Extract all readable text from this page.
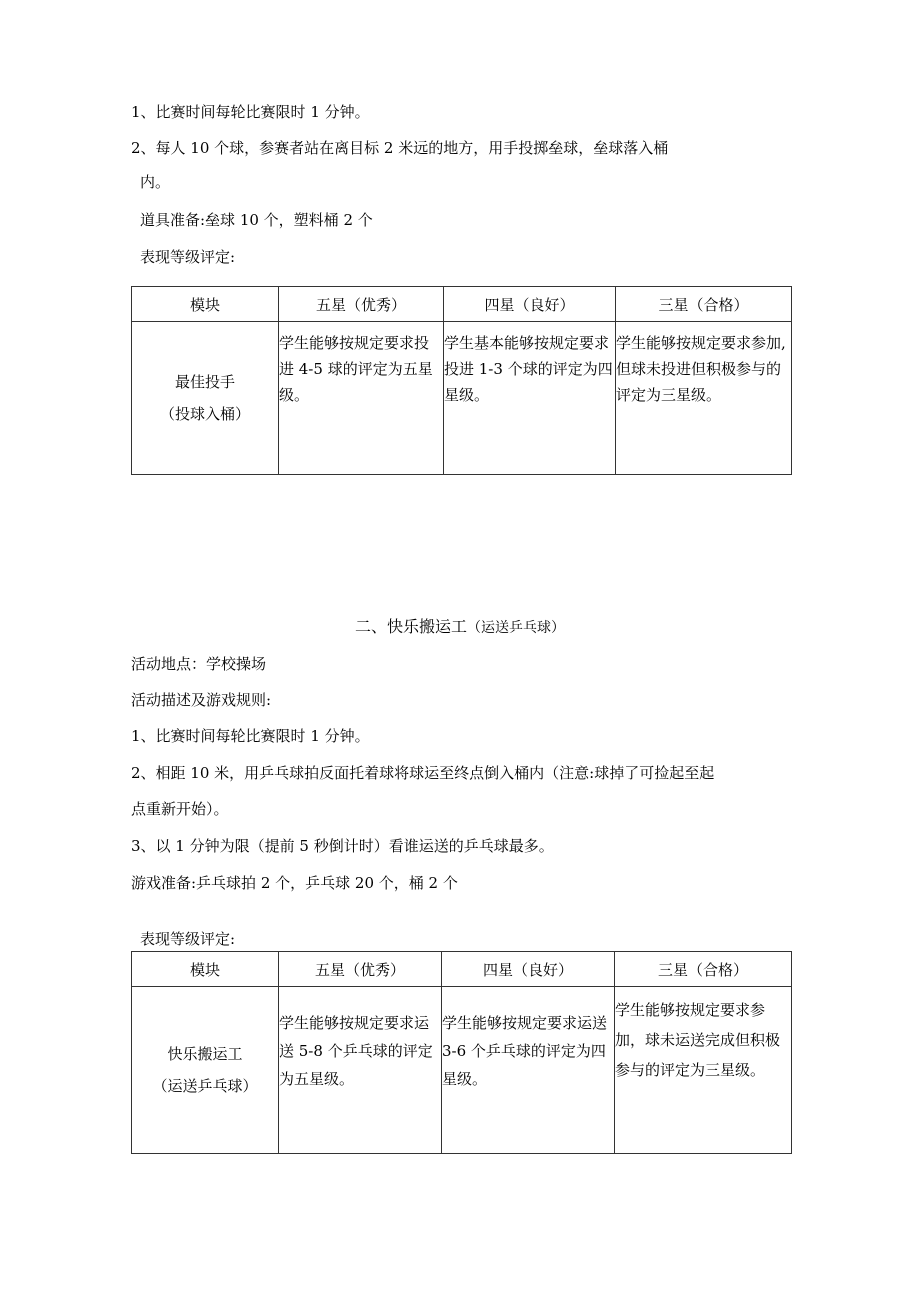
1、比赛时间每轮比赛限时 1 分钟。
2、每人 10 个球，参赛者站在离目标 2 米远的地方，用手投掷垒球，垒球落入桶
内。
道具准备:垒球 10 个，塑料桶 2 个
表现等级评定:
模块	五星（优秀）	四星（良好）	三星（合格）

最佳投手
（投球入桶）	学生能够按规定要求投进 4-5 球的评定为五星级。	学生基本能够按规定要求投进 1-3 个球的评定为四星级。	学生能够按规定要求参加, 但球未投进但积极参与的评定为三星级。
二、快乐搬运工（运送乒乓球）
活动地点：学校操场
活动描述及游戏规则:
1、比赛时间每轮比赛限时 1 分钟。
2、相距 10 米，用乒乓球拍反面托着球将球运至终点倒入桶内（注意:球掉了可捡起至起
点重新开始）。
3、以 1 分钟为限（提前 5 秒倒计时）看谁运送的乒乓球最多。
游戏准备:乒乓球拍 2 个，乒乓球 20 个，桶 2 个
表现等级评定:
模块	五星（优秀）	四星（良好）	三星（合格）

快乐搬运工
（运送乒乓球）	学生能够按规定要求运送 5-8 个乒乓球的评定为五星级。	学生能够按规定要求运送 3-6 个乒乓球的评定为四星级。	学生能够按规定要求参加，球未运送完成但积极参与的评定为三星级。
